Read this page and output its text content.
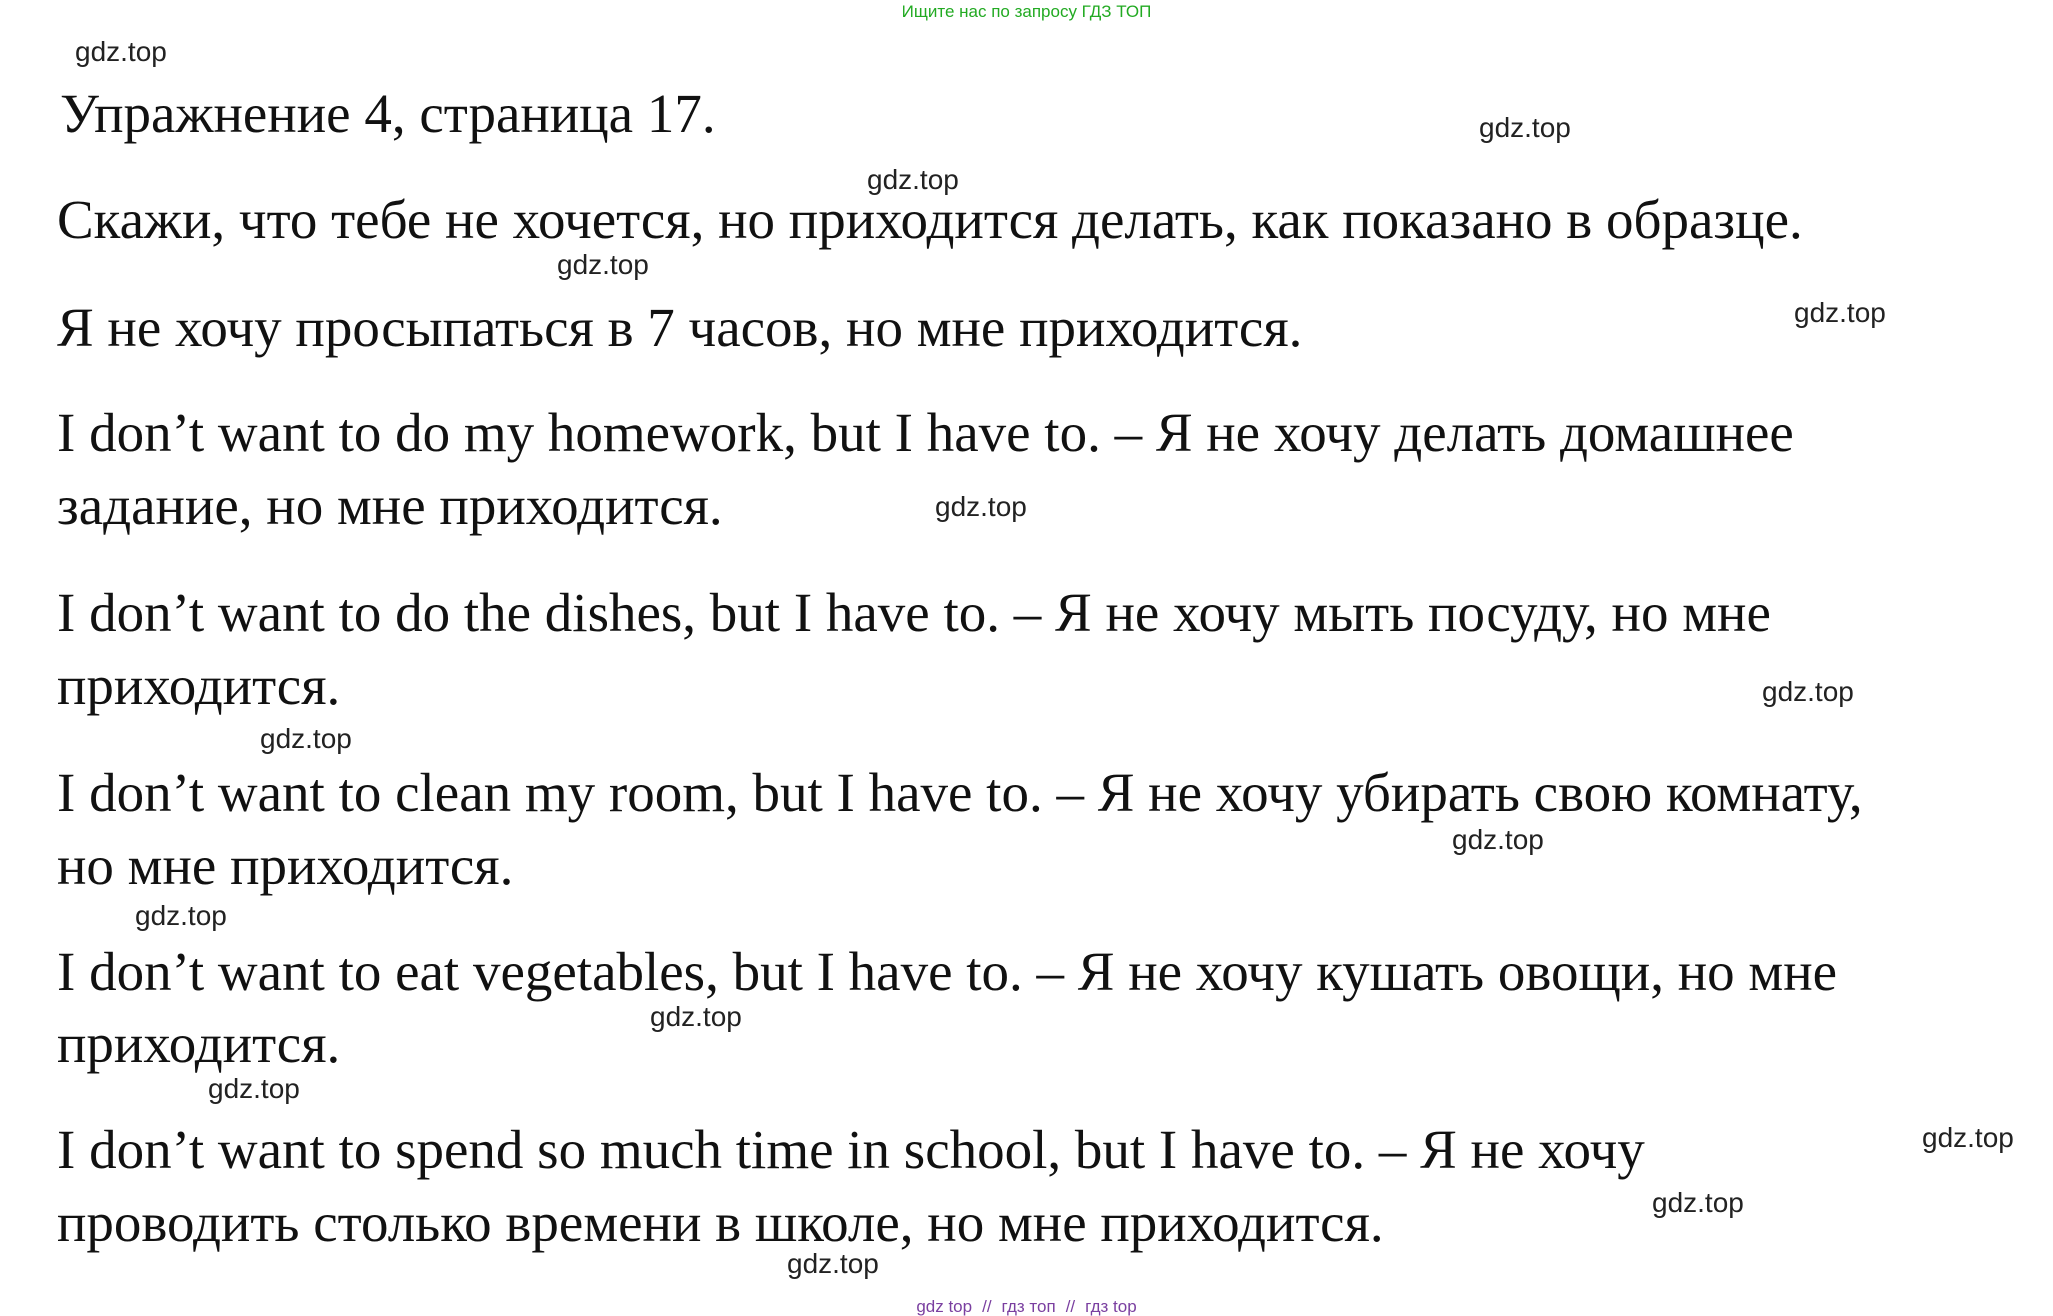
Ищите нас по запросу ГДЗ ТОП
Упражнение 4, страница 17.
Скажи, что тебе не хочется, но приходится делать, как показано в образце.
Я не хочу просыпаться в 7 часов, но мне приходится.
I don’t want to do my homework, but I have to. – Я не хочу делать домашнее
задание, но мне приходится.
I don’t want to do the dishes, but I have to. – Я не хочу мыть посуду, но мне
приходится.
I don’t want to clean my room, but I have to. – Я не хочу убирать свою комнату,
но мне приходится.
I don’t want to eat vegetables, but I have to. – Я не хочу кушать овощи, но мне
приходится.
I don’t want to spend so much time in school, but I have to. – Я не хочу
проводить столько времени в школе, но мне приходится.
gdz.top
gdz.top
gdz.top
gdz.top
gdz.top
gdz.top
gdz.top
gdz.top
gdz.top
gdz.top
gdz.top
gdz.top
gdz.top
gdz.top
gdz.top
gdz top // гдз топ // гдз top
